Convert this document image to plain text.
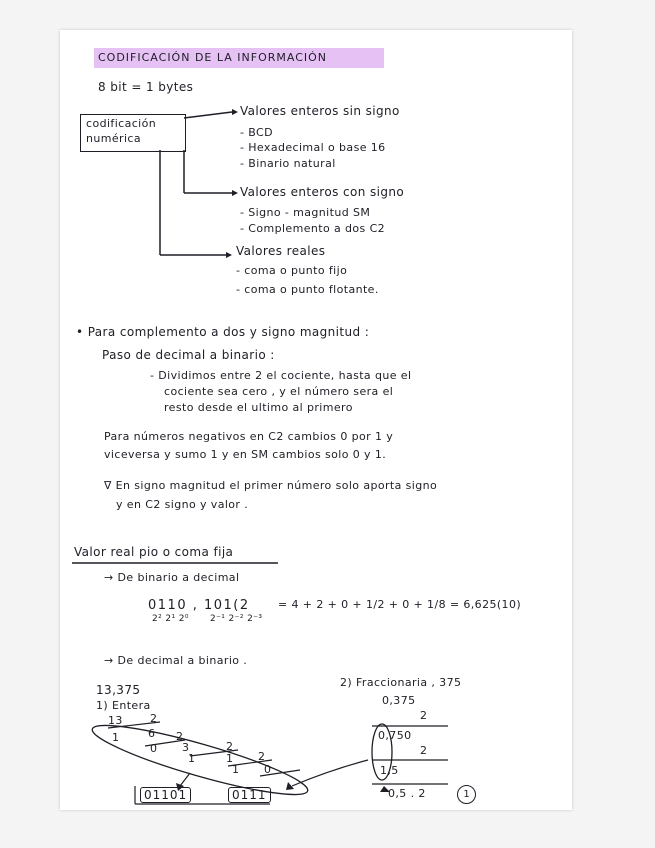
CODIFICACIÓN DE LA INFORMACIÓN
8 bit = 1 bytes
codificación
numérica
Valores enteros sin signo
- BCD
- Hexadecimal o base 16
- Binario natural
Valores enteros con signo
- Signo - magnitud SM
- Complemento a dos C2
Valores reales
- coma o punto fijo
- coma o punto flotante.
• Para complemento a dos y signo magnitud :
Paso de decimal a binario :
- Dividimos entre 2 el cociente, hasta que el
cociente sea cero , y el número sera el
resto desde el ultimo al primero
Para números negativos en C2 cambios 0 por 1 y
viceversa y sumo 1 y en SM cambios solo 0 y 1.
∇ En signo magnitud el primer número solo aporta signo
y en C2 signo y valor .
Valor real pio o coma fija
→ De binario a decimal
0110 , 101(2	= 4 + 2 + 0 + 1/2 + 0 + 1/8 = 6,625(10)
2² 2¹ 2⁰ 2⁻¹ 2⁻² 2⁻³
→ De decimal a binario .
13,375
1) Entera
2) Fraccionaria , 375
13 2
1	6 2
0 3	2
1	1 2
1 0
01101	0111
0,375
2
0,750
2
1,5
0,5 . 2	1
